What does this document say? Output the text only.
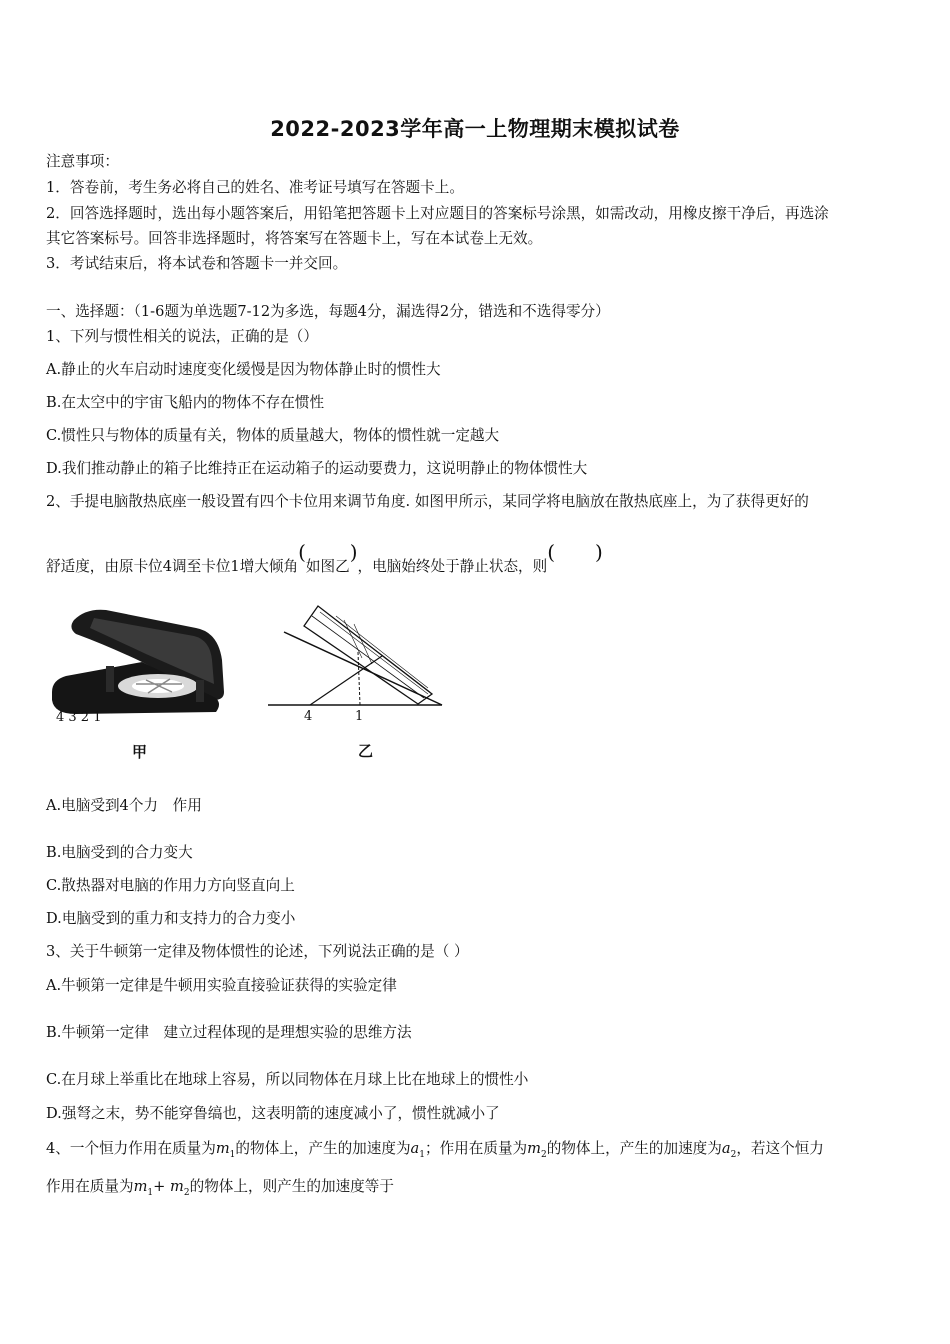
2022-2023学年高一上物理期末模拟试卷
注意事项：
1．答卷前，考生务必将自己的姓名、准考证号填写在答题卡上。
2．回答选择题时，选出每小题答案后，用铅笔把答题卡上对应题目的答案标号涂黑，如需改动，用橡皮擦干净后，再选涂
其它答案标号。回答非选择题时，将答案写在答题卡上，写在本试卷上无效。
3．考试结束后，将本试卷和答题卡一并交回。
一、选择题：（1-6题为单选题7-12为多选，每题4分，漏选得2分，错选和不选得零分）
1、下列与惯性相关的说法，正确的是（）
A.静止的火车启动时速度变化缓慢是因为物体静止时的惯性大
B.在太空中的宇宙飞船内的物体不存在惯性
C.惯性只与物体的质量有关，物体的质量越大，物体的惯性就一定越大
D.我们推动静止的箱子比维持正在运动箱子的运动要费力，这说明静止的物体惯性大
2、手提电脑散热底座一般设置有四个卡位用来调节角度. 如图甲所示，某同学将电脑放在散热底座上，为了获得更好的
舒适度，由原卡位4调至卡位1增大倾角(如图乙)，电脑始终处于静止状态，则(　　)
4 3 2 1
甲
4	1
乙
A.电脑受到4个力　作用
B.电脑受到的合力变大
C.散热器对电脑的作用力方向竖直向上
D.电脑受到的重力和支持力的合力变小
3、关于牛顿第一定律及物体惯性的论述，下列说法正确的是（ ）
A.牛顿第一定律是牛顿用实验直接验证获得的实验定律
B.牛顿第一定律　建立过程体现的是理想实验的思维方法
C.在月球上举重比在地球上容易，所以同物体在月球上比在地球上的惯性小
D.强弩之末，势不能穿鲁缟也，这表明箭的速度减小了，惯性就减小了
4、一个恒力作用在质量为$m_1$的物体上，产生的加速度为$a_1$；作用在质量为$m_2$的物体上，产生的加速度为$a_2$，若这个恒力
作用在质量为$m_1+ m_2$的物体上，则产生的加速度等于
